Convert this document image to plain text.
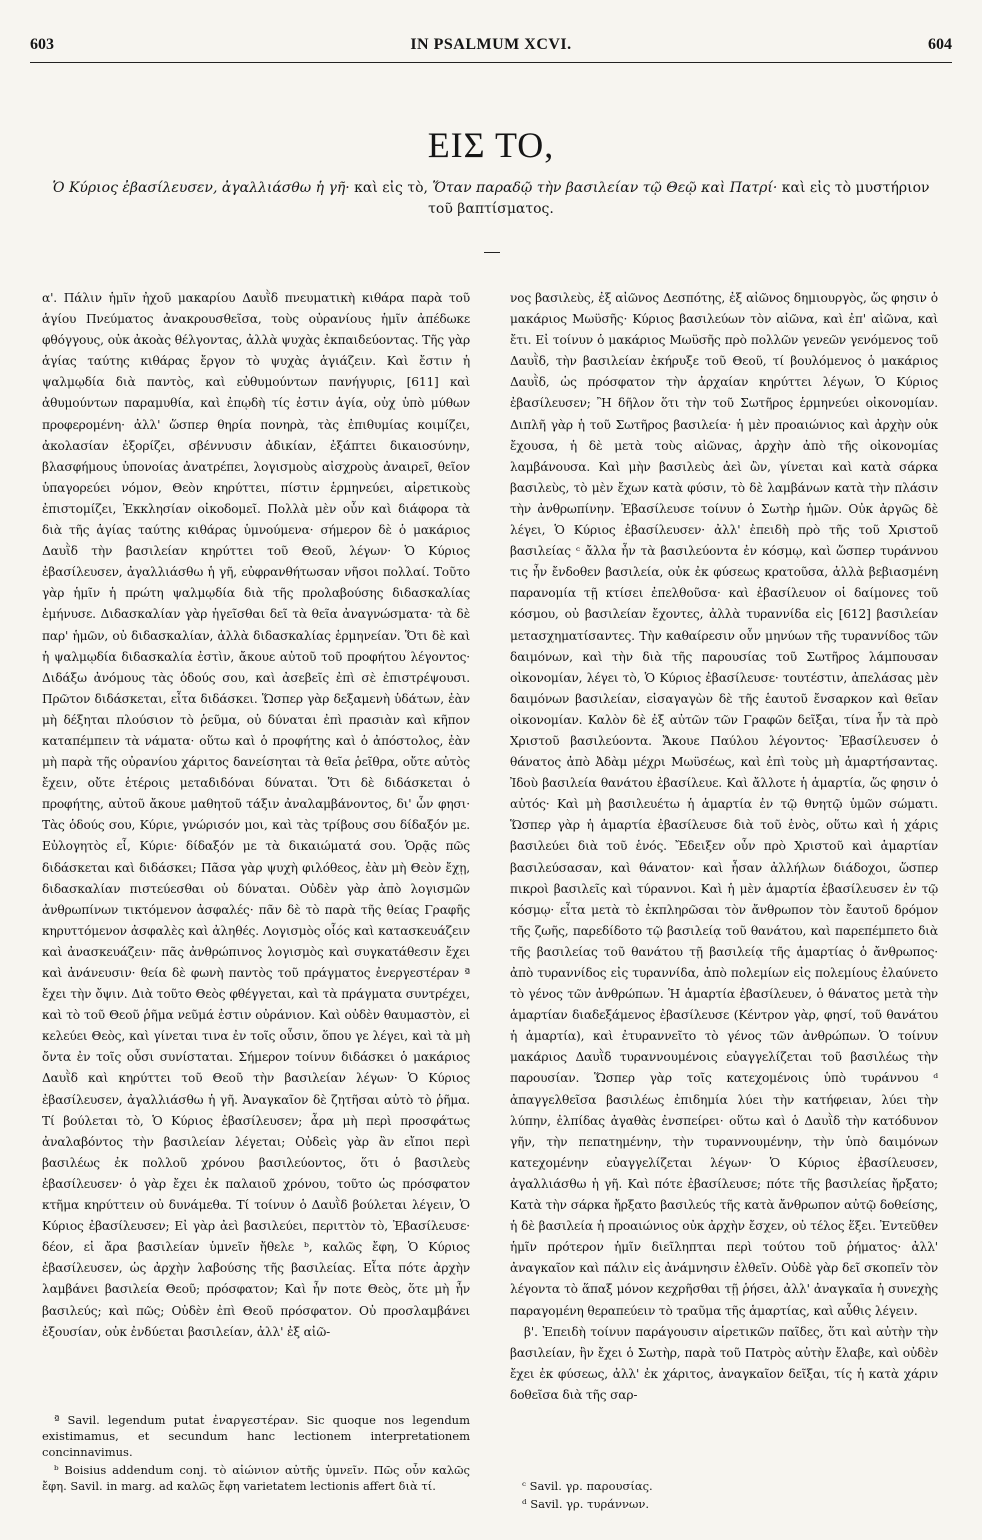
603	IN PSALMUM XCVI.	604
ΕΙΣ ΤΟ,
Ὁ Κύριος ἐβασίλευσεν, ἀγαλλιάσθω ἡ γῆ· καὶ εἰς τὸ, Ὅταν παραδῷ τὴν βασιλείαν τῷ Θεῷ καὶ Πατρί· καὶ εἰς τὸ μυστήριον τοῦ βαπτίσματος.

α'. Πάλιν ἡμῖν ἠχοῦ μακαρίου Δαυῒδ πνευματικὴ κιθάρα παρὰ τοῦ ἁγίου Πνεύματος ἀνακρουσθεῖσα, τοὺς οὐρανίους ἡμῖν ἀπέδωκε φθόγγους, οὐκ ἀκοὰς θέλγοντας, ἀλλὰ ψυχὰς ἐκπαιδεύοντας. Τῆς γὰρ ἁγίας ταύτης κιθάρας ἔργον τὸ ψυχὰς ἁγιάζειν. Καὶ ἔστιν ἡ ψαλμῳδία διὰ παντὸς, καὶ εὐθυμούντων πανήγυρις, [611] καὶ ἀθυμούντων παραμυθία, καὶ ἐπῳδὴ τίς ἐστιν ἁγία, οὐχ ὑπὸ μύθων προφερομένη· ἀλλ' ὥσπερ θηρία πονηρὰ, τὰς ἐπιθυμίας κοιμίζει, ἀκολασίαν ἐξορίζει, σβέννυσιν ἀδικίαν, ἐξάπτει δικαιοσύνην, βλασφήμους ὑπονοίας ἀνατρέπει, λογισμοὺς αἰσχροὺς ἀναιρεῖ, θεῖον ὑπαγορεύει νόμον, Θεὸν κηρύττει, πίστιν ἑρμηνεύει, αἱρετικοὺς ἐπιστομίζει, Ἐκκλησίαν οἰκοδομεῖ. Πολλὰ μὲν οὖν καὶ διάφορα τὰ διὰ τῆς ἁγίας ταύτης κιθάρας ὑμνούμενα· σήμερον δὲ ὁ μακάριος Δαυῒδ τὴν βασιλείαν κηρύττει τοῦ Θεοῦ, λέγων· Ὁ Κύριος ἐβασίλευσεν, ἀγαλλιάσθω ἡ γῆ, εὐφρανθήτωσαν νῆσοι πολλαί. Τοῦτο γὰρ ἡμῖν ἡ πρώτη ψαλμῳδία διὰ τῆς προλαβούσης διδασκαλίας ἐμήνυσε. Διδασκαλίαν γὰρ ἡγεῖσθαι δεῖ τὰ θεῖα ἀναγνώσματα· τὰ δὲ παρ' ἡμῶν, οὐ διδασκαλίαν, ἀλλὰ διδασκαλίας ἑρμηνείαν. Ὅτι δὲ καὶ ἡ ψαλμῳδία διδασκαλία ἐστὶν, ἄκουε αὐτοῦ τοῦ προφήτου λέγοντος· Διδάξω ἀνόμους τὰς ὁδούς σου, καὶ ἀσεβεῖς ἐπὶ σὲ ἐπιστρέψουσι. Πρῶτον διδάσκεται, εἶτα διδάσκει. Ὥσπερ γὰρ δεξαμενὴ ὑδάτων, ἐὰν μὴ δέξηται πλούσιον τὸ ῥεῦμα, οὐ δύναται ἐπὶ πρασιὰν καὶ κῆπον καταπέμπειν τὰ νάματα· οὕτω καὶ ὁ προφήτης καὶ ὁ ἀπόστολος, ἐὰν μὴ παρὰ τῆς οὐρανίου χάριτος δανείσηται τὰ θεῖα ῥεῖθρα, οὔτε αὐτὸς ἔχειν, οὔτε ἑτέροις μεταδιδόναι δύναται. Ὅτι δὲ διδάσκεται ὁ προφήτης, αὐτοῦ ἄκουε μαθητοῦ τάξιν ἀναλαμβάνοντος, δι' ὧν φησι· Τὰς ὁδούς σου, Κύριε, γνώρισόν μοι, καὶ τὰς τρίβους σου δίδαξόν με. Εὐλογητὸς εἶ, Κύριε· δίδαξόν με τὰ δικαιώματά σου. Ὁρᾷς πῶς διδάσκεται καὶ διδάσκει; Πᾶσα γὰρ ψυχὴ φιλόθεος, ἐὰν μὴ Θεὸν ἔχῃ, διδασκαλίαν πιστεύεσθαι οὐ δύναται. Οὐδὲν γὰρ ἀπὸ λογισμῶν ἀνθρωπίνων τικτόμενον ἀσφαλές· πᾶν δὲ τὸ παρὰ τῆς θείας Γραφῆς κηρυττόμενον ἀσφαλὲς καὶ ἀληθές. Λογισμὸς οἷός καὶ κατασκευάζειν καὶ ἀνασκευάζειν· πᾶς ἀνθρώπινος λογισμὸς καὶ συγκατάθεσιν ἔχει καὶ ἀνάνευσιν· θεία δὲ φωνὴ παντὸς τοῦ πράγματος ἐνεργεστέραν ª ἔχει τὴν ὄψιν. Διὰ τοῦτο Θεὸς φθέγγεται, καὶ τὰ πράγματα συντρέχει, καὶ τὸ τοῦ Θεοῦ ῥῆμα νεῦμά ἐστιν οὐράνιον. Καὶ οὐδὲν θαυμαστὸν, εἰ κελεύει Θεὸς, καὶ γίνεται τινα ἐν τοῖς οὖσιν, ὅπου γε λέγει, καὶ τὰ μὴ ὄντα ἐν τοῖς οὖσι συνίσταται. Σήμερον τοίνυν διδάσκει ὁ μακάριος Δαυῒδ καὶ κηρύττει τοῦ Θεοῦ τὴν βασιλείαν λέγων· Ὁ Κύριος ἐβασίλευσεν, ἀγαλλιάσθω ἡ γῆ. Ἀναγκαῖον δὲ ζητῆσαι αὐτὸ τὸ ῥῆμα. Τί βούλεται τὸ, Ὁ Κύριος ἐβασίλευσεν; ἆρα μὴ περὶ προσφάτως ἀναλαβόντος τὴν βασιλείαν λέγεται; Οὐδεὶς γὰρ ἂν εἴποι περὶ βασιλέως ἐκ πολλοῦ χρόνου βασιλεύοντος, ὅτι ὁ βασιλεὺς ἐβασίλευσεν· ὁ γὰρ ἔχει ἐκ παλαιοῦ χρόνου, τοῦτο ὡς πρόσφατον κτῆμα κηρύττειν οὐ δυνάμεθα. Τί τοίνυν ὁ Δαυῒδ βούλεται λέγειν, Ὁ Κύριος ἐβασίλευσεν; Εἰ γὰρ ἀεὶ βασιλεύει, περιττὸν τὸ, Ἐβασίλευσε· δέον, εἰ ἄρα βασιλείαν ὑμνεῖν ἤθελε ᵇ, καλῶς ἔφη, Ὁ Κύριος ἐβασίλευσεν, ὡς ἀρχὴν λαβούσης τῆς βασιλείας. Εἶτα πότε ἀρχὴν λαμβάνει βασιλεία Θεοῦ; πρόσφατον; Καὶ ἦν ποτε Θεὸς, ὅτε μὴ ἦν βασιλεύς; καὶ πῶς; Οὐδὲν ἐπὶ Θεοῦ πρόσφατον. Οὐ προσλαμβάνει ἐξουσίαν, οὐκ ἐνδύεται βασιλείαν, ἀλλ' ἐξ αἰῶ-

νος βασιλεὺς, ἐξ αἰῶνος Δεσπότης, ἐξ αἰῶνος δημιουργὸς, ὥς φησιν ὁ μακάριος Μωϋσῆς· Κύριος βασιλεύων τὸν αἰῶνα, καὶ ἐπ' αἰῶνα, καὶ ἔτι. Εἰ τοίνυν ὁ μακάριος Μωϋσῆς πρὸ πολλῶν γενεῶν γενόμενος τοῦ Δαυῒδ, τὴν βασιλείαν ἐκήρυξε τοῦ Θεοῦ, τί βουλόμενος ὁ μακάριος Δαυῒδ, ὡς πρόσφατον τὴν ἀρχαίαν κηρύττει λέγων, Ὁ Κύριος ἐβασίλευσεν; Ἢ δῆλον ὅτι τὴν τοῦ Σωτῆρος ἑρμηνεύει οἰκονομίαν. Διπλῆ γὰρ ἡ τοῦ Σωτῆρος βασιλεία· ἡ μὲν προαιώνιος καὶ ἀρχὴν οὐκ ἔχουσα, ἡ δὲ μετὰ τοὺς αἰῶνας, ἀρχὴν ἀπὸ τῆς οἰκονομίας λαμβάνουσα. Καὶ μὴν βασιλεὺς ἀεὶ ὢν, γίνεται καὶ κατὰ σάρκα βασιλεὺς, τὸ μὲν ἔχων κατὰ φύσιν, τὸ δὲ λαμβάνων κατὰ τὴν πλάσιν τὴν ἀνθρωπίνην. Ἐβασίλευσε τοίνυν ὁ Σωτὴρ ἡμῶν. Οὐκ ἀργῶς δὲ λέγει, Ὁ Κύριος ἐβασίλευσεν· ἀλλ' ἐπειδὴ πρὸ τῆς τοῦ Χριστοῦ βασιλείας ᶜ ἄλλα ἦν τὰ βασιλεύοντα ἐν κόσμῳ, καὶ ὥσπερ τυράννου τις ἦν ἔνδοθεν βασιλεία, οὐκ ἐκ φύσεως κρατοῦσα, ἀλλὰ βεβιασμένη παρανομία τῇ κτίσει ἐπελθοῦσα· καὶ ἐβασίλευον οἱ δαίμονες τοῦ κόσμου, οὐ βασιλείαν ἔχοντες, ἀλλὰ τυραννίδα εἰς [612] βασιλείαν μετασχηματίσαντες. Τὴν καθαίρεσιν οὖν μηνύων τῆς τυραννίδος τῶν δαιμόνων, καὶ τὴν διὰ τῆς παρουσίας τοῦ Σωτῆρος λάμπουσαν οἰκονομίαν, λέγει τὸ, Ὁ Κύριος ἐβασίλευσε· τουτέστιν, ἀπελάσας μὲν δαιμόνων βασιλείαν, εἰσαγαγὼν δὲ τῆς ἑαυτοῦ ἔνσαρκον καὶ θεῖαν οἰκονομίαν. Καλὸν δὲ ἐξ αὐτῶν τῶν Γραφῶν δεῖξαι, τίνα ἦν τὰ πρὸ Χριστοῦ βασιλεύοντα. Ἄκουε Παύλου λέγοντος· Ἐβασίλευσεν ὁ θάνατος ἀπὸ Ἀδὰμ μέχρι Μωϋσέως, καὶ ἐπὶ τοὺς μὴ ἁμαρτήσαντας. Ἰδοὺ βασιλεία θανάτου ἐβασίλευε. Καὶ ἄλλοτε ἡ ἁμαρτία, ὥς φησιν ὁ αὐτός· Καὶ μὴ βασιλευέτω ἡ ἁμαρτία ἐν τῷ θνητῷ ὑμῶν σώματι. Ὥσπερ γὰρ ἡ ἁμαρτία ἐβασίλευσε διὰ τοῦ ἑνὸς, οὕτω καὶ ἡ χάρις βασιλεύει διὰ τοῦ ἑνός. Ἔδειξεν οὖν πρὸ Χριστοῦ καὶ ἁμαρτίαν βασιλεύσασαν, καὶ θάνατον· καὶ ἦσαν ἀλλήλων διάδοχοι, ὥσπερ πικροὶ βασιλεῖς καὶ τύραννοι. Καὶ ἡ μὲν ἁμαρτία ἐβασίλευσεν ἐν τῷ κόσμῳ· εἶτα μετὰ τὸ ἐκπληρῶσαι τὸν ἄνθρωπον τὸν ἔαυτοῦ δρόμον τῆς ζωῆς, παρεδίδοτο τῷ βασιλείᾳ τοῦ θανάτου, καὶ παρεπέμπετο διὰ τῆς βασιλείας τοῦ θανάτου τῇ βασιλείᾳ τῆς ἁμαρτίας ὁ ἄνθρωπος· ἀπὸ τυραννίδος εἰς τυραννίδα, ἀπὸ πολεμίων εἰς πολεμίους ἐλαύνετο τὸ γένος τῶν ἀνθρώπων. Ἡ ἁμαρτία ἐβασίλευεν, ὁ θάνατος μετὰ τὴν ἁμαρτίαν διαδεξάμενος ἐβασίλευσε (Κέντρον γὰρ, φησί, τοῦ θανάτου ἡ ἁμαρτία), καὶ ἐτυραννεῖτο τὸ γένος τῶν ἀνθρώπων. Ὁ τοίνυν μακάριος Δαυῒδ τυραννουμένοις εὐαγγελίζεται τοῦ βασιλέως τὴν παρουσίαν. Ὥσπερ γὰρ τοῖς κατεχομένοις ὑπὸ τυράννου ᵈ ἀπαγγελθεῖσα βασιλέως ἐπιδημία λύει τὴν κατήφειαν, λύει τὴν λύπην, ἐλπίδας ἀγαθὰς ἐνσπείρει· οὕτω καὶ ὁ Δαυῒδ τὴν κατόδυνον γῆν, τὴν πεπατημένην, τὴν τυραννουμένην, τὴν ὑπὸ δαιμόνων κατεχομένην εὐαγγελίζεται λέγων· Ὁ Κύριος ἐβασίλευσεν, ἀγαλλιάσθω ἡ γῆ. Καὶ πότε ἐβασίλευσε; πότε τῆς βασιλείας ἤρξατο; Κατὰ τὴν σάρκα ἤρξατο βασιλεύς τῆς κατὰ ἄνθρωπον αὐτῷ δοθείσης, ἡ δὲ βασιλεία ἡ προαιώνιος οὐκ ἀρχὴν ἔσχεν, οὐ τέλος ἕξει. Ἐντεῦθεν ἡμῖν πρότερον ἡμῖν διεῖληπται περὶ τούτου τοῦ ῥήματος· ἀλλ' ἀναγκαῖον καὶ πάλιν εἰς ἀνάμνησιν ἐλθεῖν. Οὐδὲ γὰρ δεῖ σκοπεῖν τὸν λέγοντα τὸ ἅπαξ μόνον κεχρῆσθαι τῇ ῥήσει, ἀλλ' ἀναγκαῖα ἡ συνεχὴς παραγομένη θεραπεύειν τὸ τραῦμα τῆς ἁμαρτίας, καὶ αὖθις λέγειν.

β'. Ἐπειδὴ τοίνυν παράγουσιν αἱρετικῶν παῖδες, ὅτι καὶ αὐτὴν τὴν βασιλείαν, ἣν ἔχει ὁ Σωτὴρ, παρὰ τοῦ Πατρὸς αὐτὴν ἔλαβε, καὶ οὐδὲν ἔχει ἐκ φύσεως, ἀλλ' ἐκ χάριτος, ἀναγκαῖον δεῖξαι, τίς ἡ κατὰ χάριν δοθεῖσα διὰ τῆς σαρ-

ª Savil. legendum putat ἐναργεστέραν. Sic quoque nos legendum existimamus, et secundum hanc lectionem interpretationem concinnavimus.

ᵇ Boisius addendum conj. τὸ αἰώνιον αὐτῆς ὑμνεῖν. Πῶς οὖν καλῶς ἔφη. Savil. in marg. ad καλῶς ἔφη varietatem lectionis affert διὰ τί.	ᶜ Savil. γρ. παρουσίας.

ᵈ Savil. γρ. τυράννων.
